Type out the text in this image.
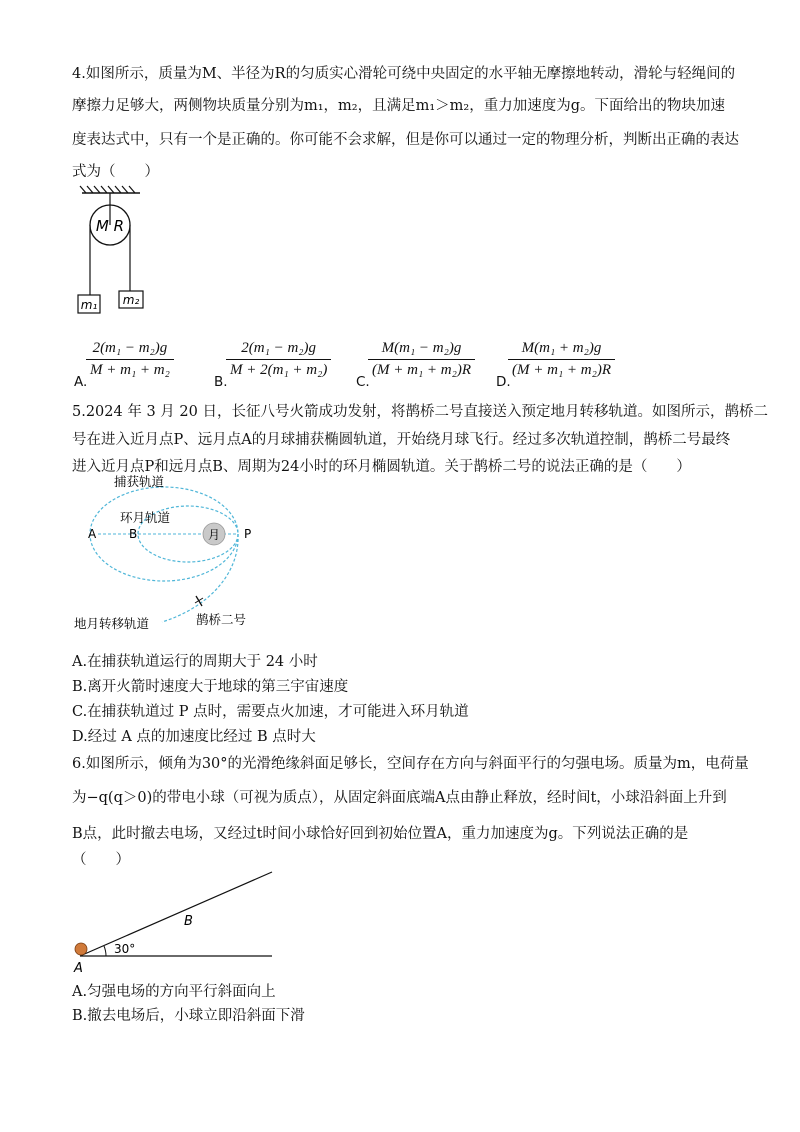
4.如图所示，质量为M、半径为R的匀质实心滑轮可绕中央固定的水平轴无摩擦地转动，滑轮与轻绳间的
摩擦力足够大，两侧物块质量分别为m₁，m₂，且满足m₁＞m₂，重力加速度为g。下面给出的物块加速
度表达式中，只有一个是正确的。你可能不会求解，但是你可以通过一定的物理分析，判断出正确的表达
式为（　　）
M R
m₁ m₂
A.
$\frac{\text{2(m₁ − m₂)g}}{\text{M + m₁ + m₂}}$
B.
$\frac{\text{2(m₁ − m₂)g}}{\text{M + 2(m₁ + m₂)}}$
C.
$\frac{\text{M(m₁ − m₂)g}}{\text{(M + m₁ + m₂)R}}$
D.
$\frac{\text{M(m₁ + m₂)g}}{\text{(M + m₁ + m₂)R}}$
5.2024 年 3 月 20 日，长征八号火箭成功发射，将鹊桥二号直接送入预定地月转移轨道。如图所示，鹊桥二
号在进入近月点P、远月点A的月球捕获椭圆轨道，开始绕月球飞行。经过多次轨道控制，鹊桥二号最终
进入近月点P和远月点B、周期为24小时的环月椭圆轨道。关于鹊桥二号的说法正确的是（　　）
月
捕获轨道
环月轨道
A	B	P
鹊桥二号
地月转移轨道
A.在捕获轨道运行的周期大于 24 小时
B.离开火箭时速度大于地球的第三宇宙速度
C.在捕获轨道过 P 点时，需要点火加速，才可能进入环月轨道
D.经过 A 点的加速度比经过 B 点时大
6.如图所示，倾角为30°的光滑绝缘斜面足够长，空间存在方向与斜面平行的匀强电场。质量为m，电荷量
为−q(q＞0)的带电小球（可视为质点），从固定斜面底端A点由静止释放，经时间t，小球沿斜面上升到
B点，此时撤去电场，又经过t时间小球恰好回到初始位置A，重力加速度为g。下列说法正确的是
（　　）
30°
A
B
A.匀强电场的方向平行斜面向上
B.撤去电场后，小球立即沿斜面下滑
